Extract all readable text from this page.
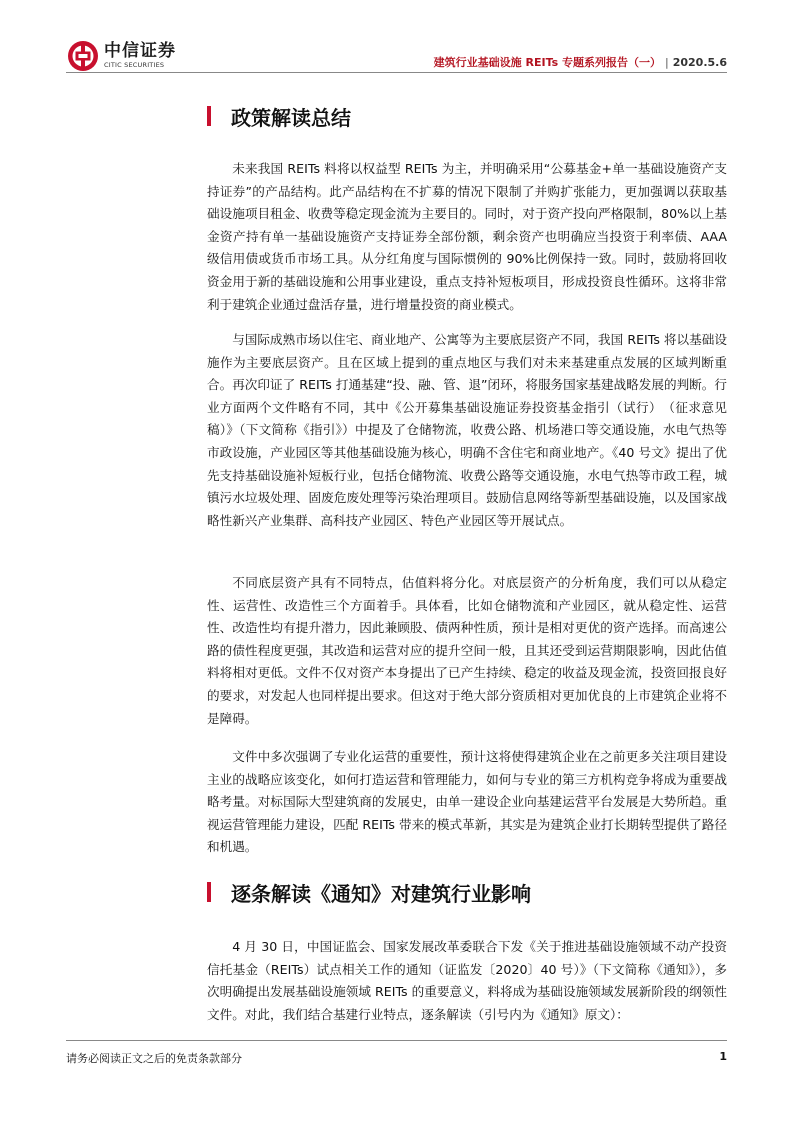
中信证券
CITIC SECURITIES	建筑行业基础设施 REITs 专题系列报告（一） | 2020.5.6
政策解读总结

未来我国 REITs 料将以权益型 REITs 为主，并明确采用“公募基金+单一基础设施资产支持证券”的产品结构。此产品结构在不扩募的情况下限制了并购扩张能力，更加强调以获取基础设施项目租金、收费等稳定现金流为主要目的。同时，对于资产投向严格限制，80%以上基金资产持有单一基础设施资产支持证券全部份额，剩余资产也明确应当投资于利率债、AAA 级信用债或货币市场工具。从分红角度与国际惯例的 90%比例保持一致。同时，鼓励将回收资金用于新的基础设施和公用事业建设，重点支持补短板项目，形成投资良性循环。这将非常利于建筑企业通过盘活存量，进行增量投资的商业模式。

与国际成熟市场以住宅、商业地产、公寓等为主要底层资产不同，我国 REITs 将以基础设施作为主要底层资产。且在区域上提到的重点地区与我们对未来基建重点发展的区域判断重合。再次印证了 REITs 打通基建“投、融、管、退”闭环，将服务国家基建战略发展的判断。行业方面两个文件略有不同，其中《公开募集基础设施证券投资基金指引（试行）　（征求意见稿）》（下文简称《指引》）中提及了仓储物流，收费公路、机场港口等交通设施，水电气热等市政设施，产业园区等其他基础设施为核心，明确不含住宅和商业地产。《40 号文》提出了优先支持基础设施补短板行业，包括仓储物流、收费公路等交通设施，水电气热等市政工程，城镇污水垃圾处理、固废危废处理等污染治理项目。鼓励信息网络等新型基础设施，以及国家战略性新兴产业集群、高科技产业园区、特色产业园区等开展试点。

不同底层资产具有不同特点，估值料将分化。对底层资产的分析角度，我们可以从稳定性、运营性、改造性三个方面着手。具体看，比如仓储物流和产业园区，就从稳定性、运营性、改造性均有提升潜力，因此兼顾股、债两种性质，预计是相对更优的资产选择。而高速公路的债性程度更强，其改造和运营对应的提升空间一般，且其还受到运营期限影响，因此估值料将相对更低。文件不仅对资产本身提出了已产生持续、稳定的收益及现金流，投资回报良好的要求，对发起人也同样提出要求。但这对于绝大部分资质相对更加优良的上市建筑企业将不是障碍。

文件中多次强调了专业化运营的重要性，预计这将使得建筑企业在之前更多关注项目建设主业的战略应该变化，如何打造运营和管理能力，如何与专业的第三方机构竞争将成为重要战略考量。对标国际大型建筑商的发展史，由单一建设企业向基建运营平台发展是大势所趋。重视运营管理能力建设，匹配 REITs 带来的模式革新，其实是为建筑企业打长期转型提供了路径和机遇。

逐条解读《通知》对建筑行业影响

4 月 30 日，中国证监会、国家发展改革委联合下发《关于推进基础设施领域不动产投资信托基金（REITs）试点相关工作的通知（证监发〔2020〕40 号）》（下文简称《通知》），多次明确提出发展基础设施领域 REITs 的重要意义，料将成为基础设施领域发展新阶段的纲领性文件。对此，我们结合基建行业特点，逐条解读（引号内为《通知》原文）：

请务必阅读正文之后的免责条款部分	1
